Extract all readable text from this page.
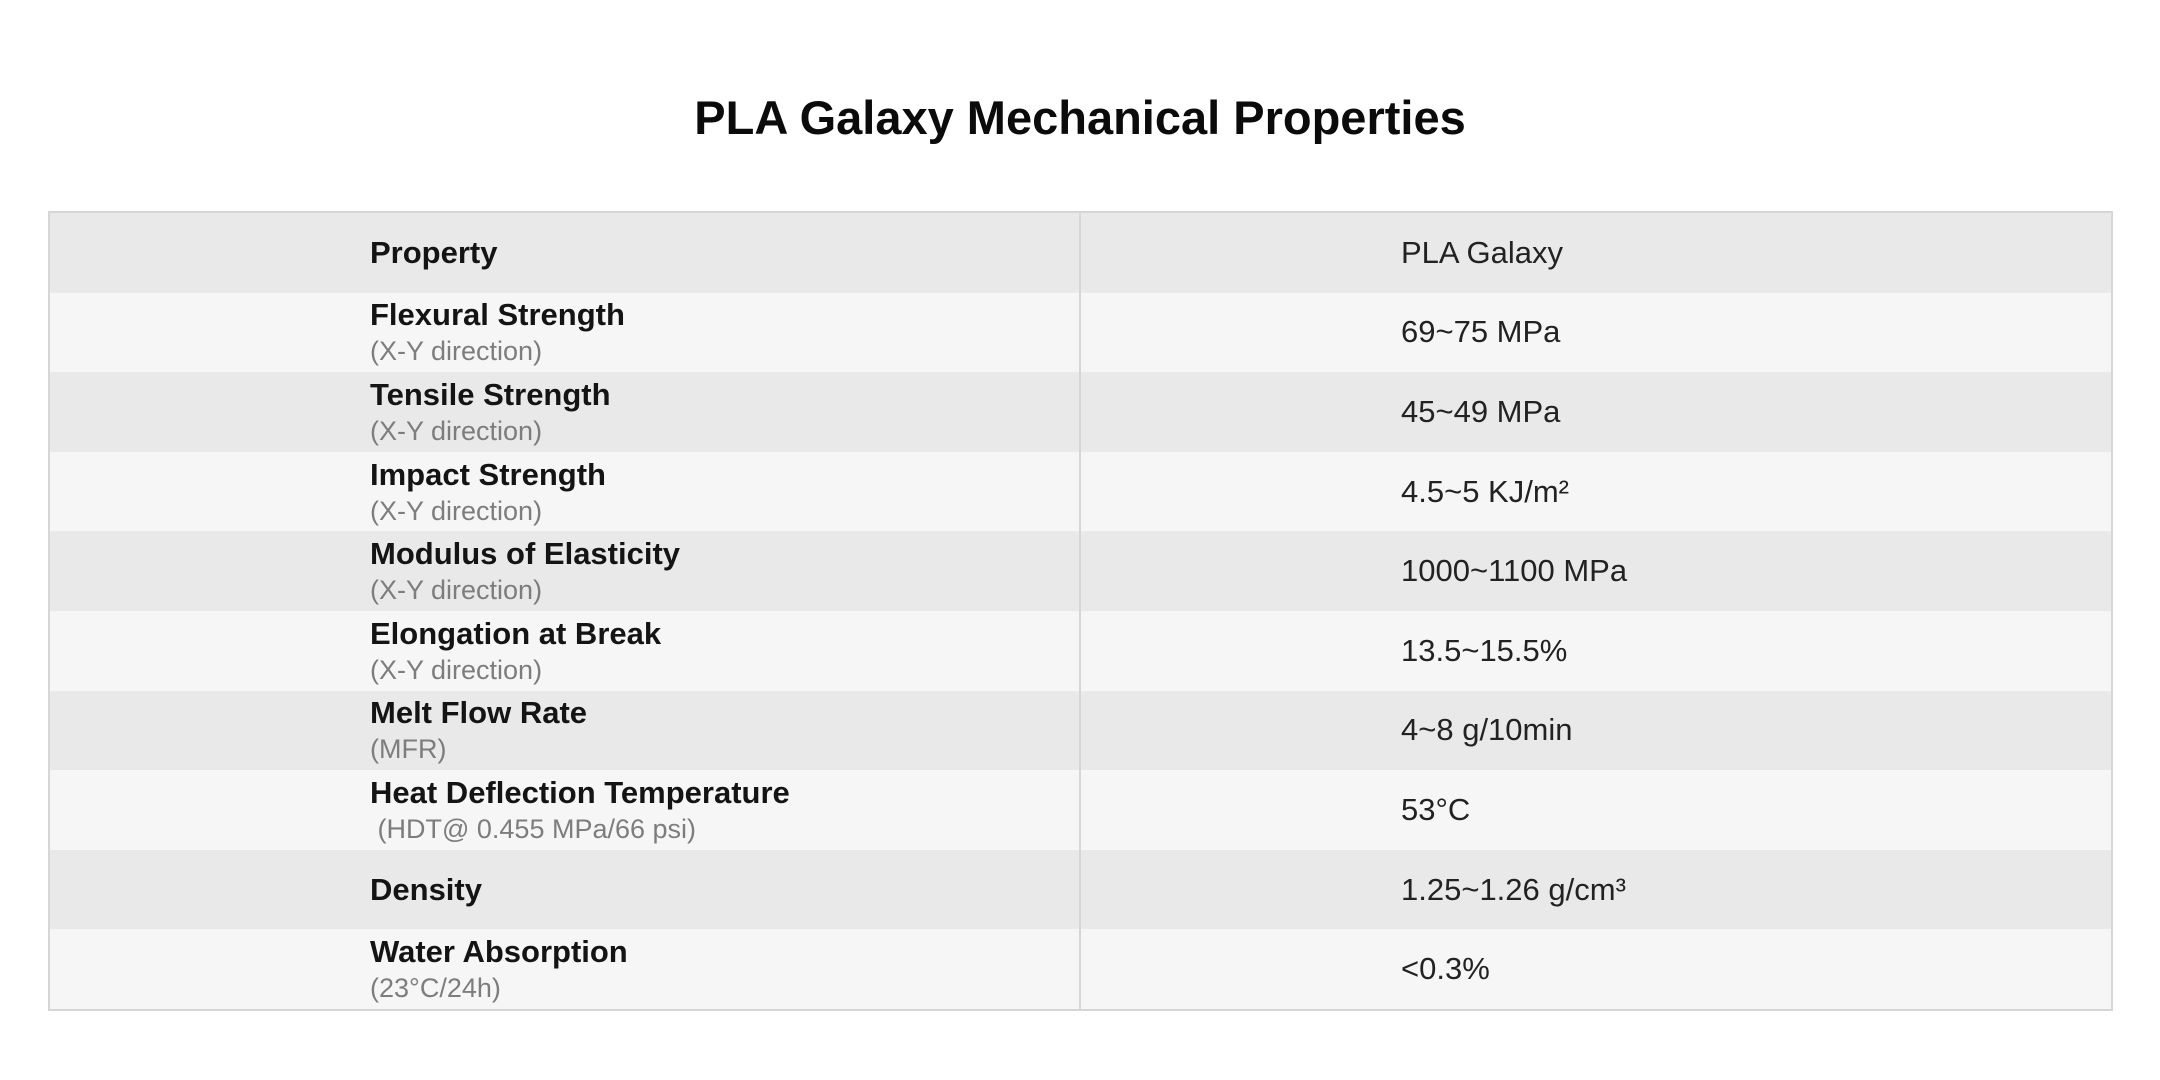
PLA Galaxy Mechanical Properties
Property	PLA Galaxy
Flexural Strength
(X-Y direction)
69~75 MPa
Tensile Strength
(X-Y direction)
45~49 MPa
Impact Strength
(X-Y direction)
4.5~5 KJ/m²
Modulus of Elasticity
(X-Y direction)
1000~1100 MPa
Elongation at Break
(X-Y direction)
13.5~15.5%
Melt Flow Rate
(MFR)
4~8 g/10min
Heat Deflection Temperature
(HDT@ 0.455 MPa/66 psi)
53°C
Density	1.25~1.26 g/cm³
Water Absorption
(23°C/24h)
<0.3%
